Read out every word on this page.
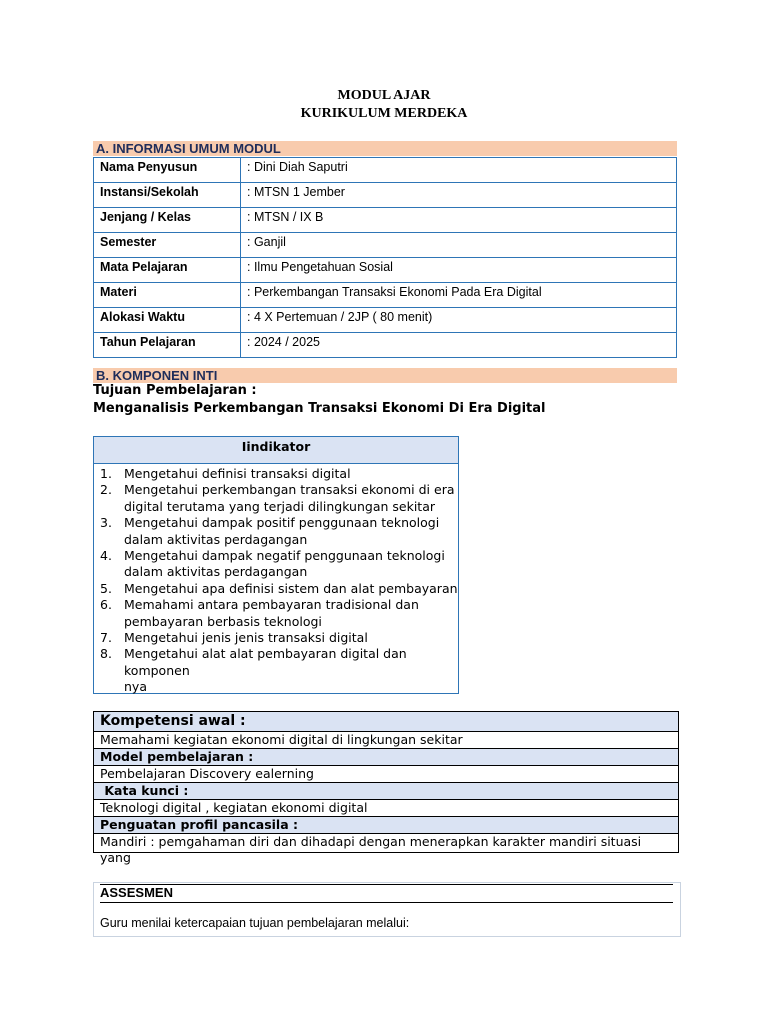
MODUL AJAR
KURIKULUM MERDEKA
A. INFORMASI UMUM MODUL
Nama Penyusun	: Dini Diah Saputri
Instansi/Sekolah	: MTSN 1 Jember
Jenjang / Kelas	: MTSN / IX B
Semester	: Ganjil
Mata Pelajaran	: Ilmu Pengetahuan Sosial
Materi	: Perkembangan Transaksi Ekonomi Pada Era Digital
Alokasi Waktu	: 4 X Pertemuan / 2JP ( 80 menit)
Tahun Pelajaran	: 2024 / 2025
B. KOMPONEN INTI
Tujuan Pembelajaran :
Menganalisis Perkembangan Transaksi Ekonomi Di Era Digital
Iindikator
1. Mengetahui definisi transaksi digital
2. Mengetahui perkembangan transaksi ekonomi di era
digital terutama yang terjadi dilingkungan sekitar
3. Mengetahui dampak positif penggunaan teknologi
dalam aktivitas perdagangan
4. Mengetahui dampak negatif penggunaan teknologi
dalam aktivitas perdagangan
5. Mengetahui apa definisi sistem dan alat pembayaran
6. Memahami antara pembayaran tradisional dan
pembayaran berbasis teknologi
7. Mengetahui jenis jenis transaksi digital
8. Mengetahui alat alat pembayaran digital dan komponen
nya
Kompetensi awal :
Memahami kegiatan ekonomi digital di lingkungan sekitar
Model pembelajaran :
Pembelajaran Discovery ealerning
Kata kunci :
Teknologi digital , kegiatan ekonomi digital
Penguatan profil pancasila :
Mandiri : pemgahaman diri dan dihadapi dengan menerapkan karakter mandiri situasi yang
ASSESMEN
Guru menilai ketercapaian tujuan pembelajaran melalui:
